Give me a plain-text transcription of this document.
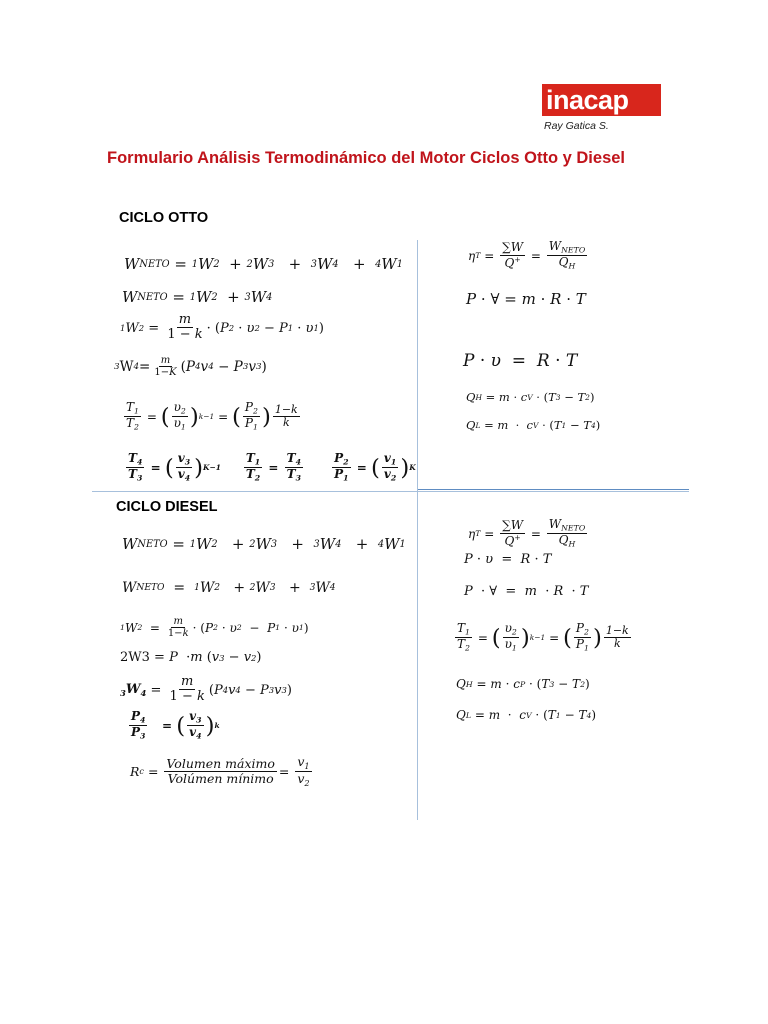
inacap
Ray Gatica S.
Formulario Análisis Termodinámico del Motor Ciclos Otto y Diesel
CICLO OTTO
W NETO
=
1 W 2
+
2 W 3
+
3 W 4
+
4 W 1
W NETO
=
1 W 2
+
3 W 4
1 W 2
=
$\frac{m}{1 - k}$ ·
( P 2
· υ 2
− P 1
· υ 1 )
3 W $4 = \frac{m}{1-K}$ ( P 4 v 4
− P 3 v 3 )
$\frac{T_1}{T_2}$
=
( $\frac{\upsilon_2}{\upsilon_1}$ ) k−1
=
( $\frac{P_2}{P_1}$ ) $\frac{1-k}{k}$
$\frac{T_4}{T_3}$
=
( $\frac{v_3}{v_4}$ ) K−1
$\frac{T_1}{T_2}$
=
$\frac{T_4}{T_3}$
$\frac{P_2}{P_1}$
=
( $\frac{v_1}{v_2}$ ) K
η T
=
$\frac{\sum W}{Q^+}$
=
$\frac{W_{NETO}}{Q_H}$
P ·
∀
= m · R · T
P · υ = R · T
Q H
= m · c V
·
( T 3
− T 2 )
Q L
= m · c V
·
( T 1
− T 4 )
CICLO DIESEL
W NETO
=
1 W 2
+
2 W 3
+
3 W 4
+
4 W 1
W NETO
=
1 W 2
+
2 W 3
+
3 W 4
1 W 2
=
$\frac{m}{1-k}$ ·
( P 2
· υ 2
− P 1
· υ 1 )
2W3 = P · m ( v 3
− v 2 )
$_3W_4$
=
$\frac{m}{1 - k}$ ( P 4 v 4
− P 3 v 3 )
$\frac{P_4}{P_3}$
=
( $\frac{v_3}{v_4}$ ) k
R c
=
$\frac{\text{Volumen máximo}}{\text{Volúmen mínimo}}$ =
$\frac{v_1}{v_2}$
η T
=
$\frac{\sum W}{Q^+}$
=
$\frac{W_{NETO}}{Q_H}$
P · υ = R · T
P ·
∀
= m · R · T
$\frac{T_1}{T_2}$
=
( $\frac{\upsilon_2}{\upsilon_1}$ ) k−1
=
( $\frac{P_2}{P_1}$ ) $\frac{1-k}{k}$
Q H
= m · c P
·
( T 3
− T 2 )
Q L
= m · c V
·
( T 1
− T 4 )
